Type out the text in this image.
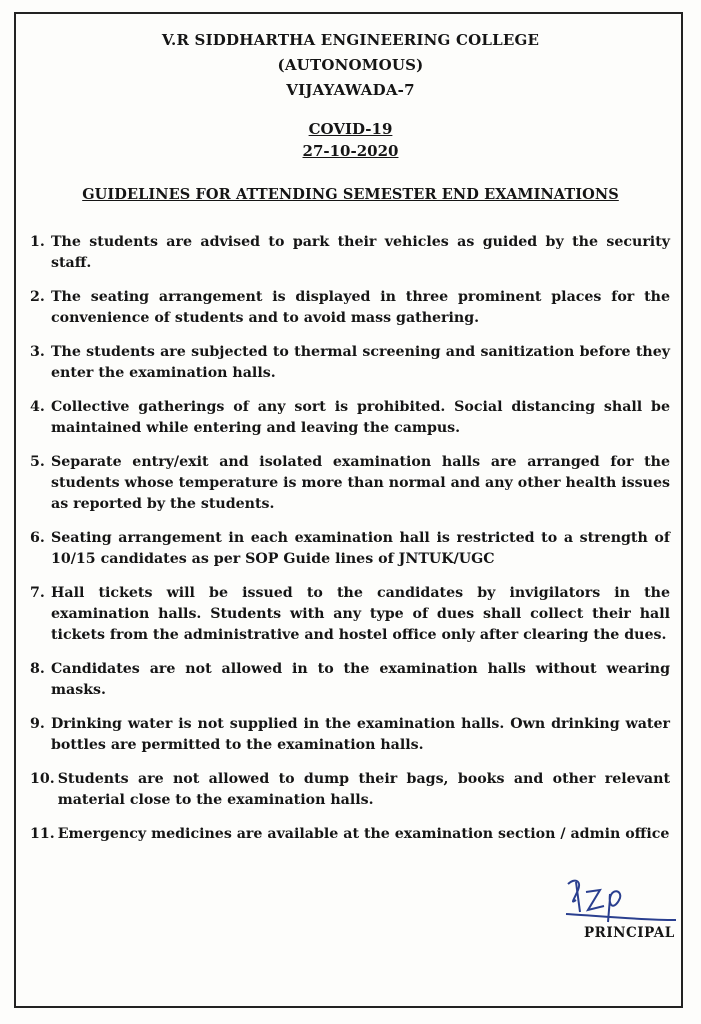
V.R SIDDHARTHA ENGINEERING COLLEGE
(AUTONOMOUS)
VIJAYAWADA-7
COVID-19
27-10-2020
GUIDELINES FOR ATTENDING SEMESTER END EXAMINATIONS
1. The students are advised to park their vehicles as guided by the security staff.
2. The seating arrangement is displayed in three prominent places for the convenience of students and to avoid mass gathering.
3. The students are subjected to thermal screening and sanitization before they enter the examination halls.
4. Collective gatherings of any sort is prohibited. Social distancing shall be maintained while entering and leaving the campus.
5. Separate entry/exit and isolated examination halls are arranged for the students whose temperature is more than normal and any other health issues as reported by the students.
6. Seating arrangement in each examination hall is restricted to a strength of 10/15 candidates as per SOP Guide lines of JNTUK/UGC
7. Hall tickets will be issued to the candidates by invigilators in the examination halls. Students with any type of dues shall collect their hall tickets from the administrative and hostel office only after clearing the dues.
8. Candidates are not allowed in to the examination halls without wearing masks.
9. Drinking water is not supplied in the examination halls. Own drinking water bottles are permitted to the examination halls.
10. Students are not allowed to dump their bags, books and other relevant material close to the examination halls.
11. Emergency medicines are available at the examination section / admin office
PRINCIPAL
